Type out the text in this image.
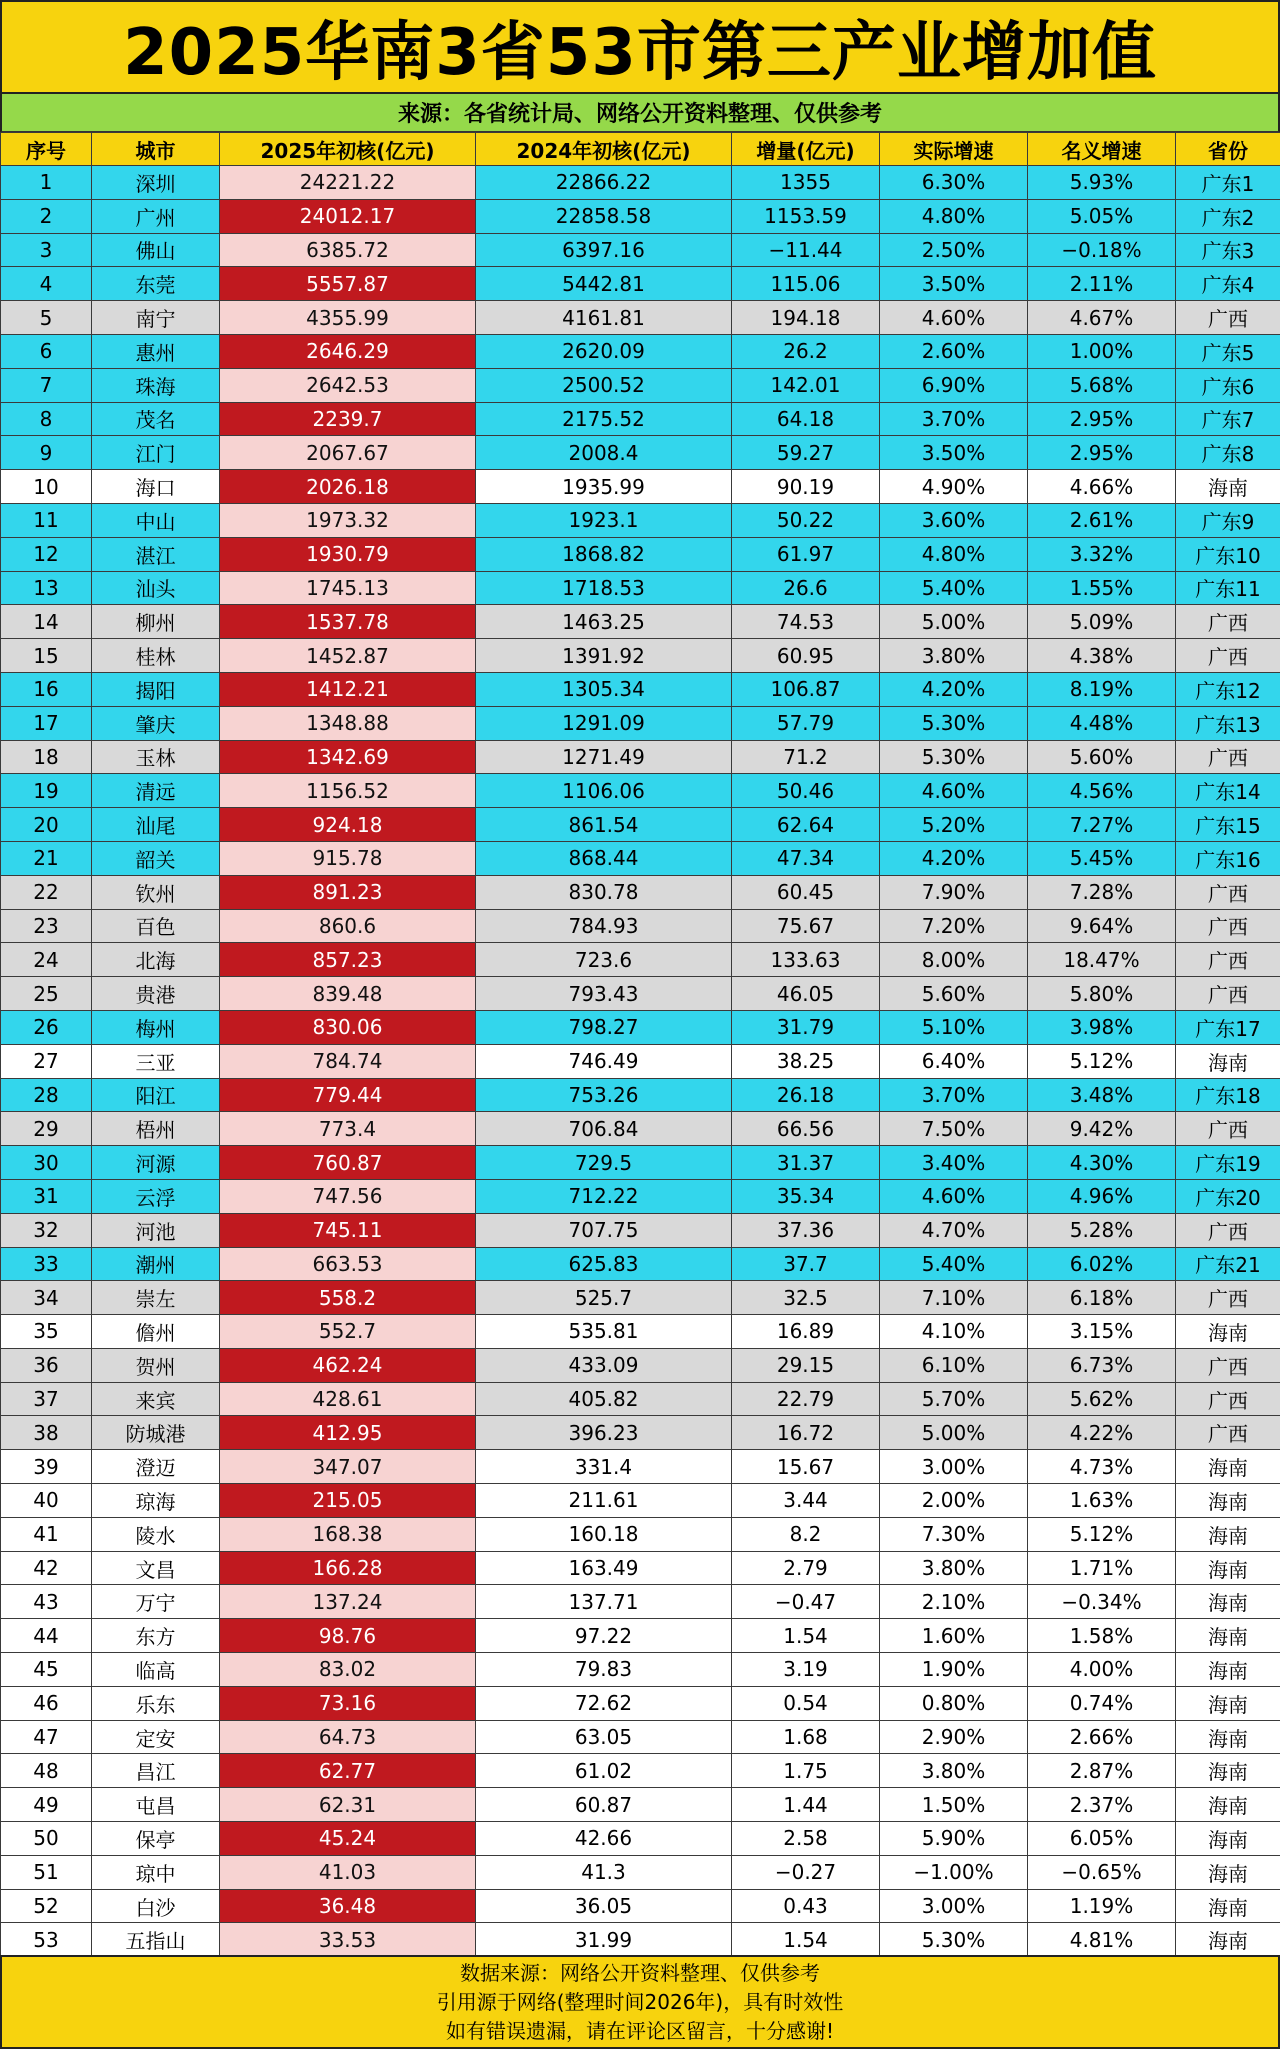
2025华南3省53市第三产业增加值
来源：各省统计局、网络公开资料整理、仅供参考
序号	城市	2025年初核(亿元)	2024年初核(亿元)	增量(亿元)	实际增速	名义增速	省份
1	深圳	24221.22	22866.22	1355	6.30%	5.93%	广东1
2	广州	24012.17	22858.58	1153.59	4.80%	5.05%	广东2
3	佛山	6385.72	6397.16	−11.44	2.50%	−0.18%	广东3
4	东莞	5557.87	5442.81	115.06	3.50%	2.11%	广东4
5	南宁	4355.99	4161.81	194.18	4.60%	4.67%	广西
6	惠州	2646.29	2620.09	26.2	2.60%	1.00%	广东5
7	珠海	2642.53	2500.52	142.01	6.90%	5.68%	广东6
8	茂名	2239.7	2175.52	64.18	3.70%	2.95%	广东7
9	江门	2067.67	2008.4	59.27	3.50%	2.95%	广东8
10	海口	2026.18	1935.99	90.19	4.90%	4.66%	海南
11	中山	1973.32	1923.1	50.22	3.60%	2.61%	广东9
12	湛江	1930.79	1868.82	61.97	4.80%	3.32%	广东10
13	汕头	1745.13	1718.53	26.6	5.40%	1.55%	广东11
14	柳州	1537.78	1463.25	74.53	5.00%	5.09%	广西
15	桂林	1452.87	1391.92	60.95	3.80%	4.38%	广西
16	揭阳	1412.21	1305.34	106.87	4.20%	8.19%	广东12
17	肇庆	1348.88	1291.09	57.79	5.30%	4.48%	广东13
18	玉林	1342.69	1271.49	71.2	5.30%	5.60%	广西
19	清远	1156.52	1106.06	50.46	4.60%	4.56%	广东14
20	汕尾	924.18	861.54	62.64	5.20%	7.27%	广东15
21	韶关	915.78	868.44	47.34	4.20%	5.45%	广东16
22	钦州	891.23	830.78	60.45	7.90%	7.28%	广西
23	百色	860.6	784.93	75.67	7.20%	9.64%	广西
24	北海	857.23	723.6	133.63	8.00%	18.47%	广西
25	贵港	839.48	793.43	46.05	5.60%	5.80%	广西
26	梅州	830.06	798.27	31.79	5.10%	3.98%	广东17
27	三亚	784.74	746.49	38.25	6.40%	5.12%	海南
28	阳江	779.44	753.26	26.18	3.70%	3.48%	广东18
29	梧州	773.4	706.84	66.56	7.50%	9.42%	广西
30	河源	760.87	729.5	31.37	3.40%	4.30%	广东19
31	云浮	747.56	712.22	35.34	4.60%	4.96%	广东20
32	河池	745.11	707.75	37.36	4.70%	5.28%	广西
33	潮州	663.53	625.83	37.7	5.40%	6.02%	广东21
34	崇左	558.2	525.7	32.5	7.10%	6.18%	广西
35	儋州	552.7	535.81	16.89	4.10%	3.15%	海南
36	贺州	462.24	433.09	29.15	6.10%	6.73%	广西
37	来宾	428.61	405.82	22.79	5.70%	5.62%	广西
38	防城港	412.95	396.23	16.72	5.00%	4.22%	广西
39	澄迈	347.07	331.4	15.67	3.00%	4.73%	海南
40	琼海	215.05	211.61	3.44	2.00%	1.63%	海南
41	陵水	168.38	160.18	8.2	7.30%	5.12%	海南
42	文昌	166.28	163.49	2.79	3.80%	1.71%	海南
43	万宁	137.24	137.71	−0.47	2.10%	−0.34%	海南
44	东方	98.76	97.22	1.54	1.60%	1.58%	海南
45	临高	83.02	79.83	3.19	1.90%	4.00%	海南
46	乐东	73.16	72.62	0.54	0.80%	0.74%	海南
47	定安	64.73	63.05	1.68	2.90%	2.66%	海南
48	昌江	62.77	61.02	1.75	3.80%	2.87%	海南
49	屯昌	62.31	60.87	1.44	1.50%	2.37%	海南
50	保亭	45.24	42.66	2.58	5.90%	6.05%	海南
51	琼中	41.03	41.3	−0.27	−1.00%	−0.65%	海南
52	白沙	36.48	36.05	0.43	3.00%	1.19%	海南
53	五指山	33.53	31.99	1.54	5.30%	4.81%	海南
数据来源：网络公开资料整理、仅供参考
引用源于网络(整理时间2026年)，具有时效性
如有错误遗漏，请在评论区留言，十分感谢!
